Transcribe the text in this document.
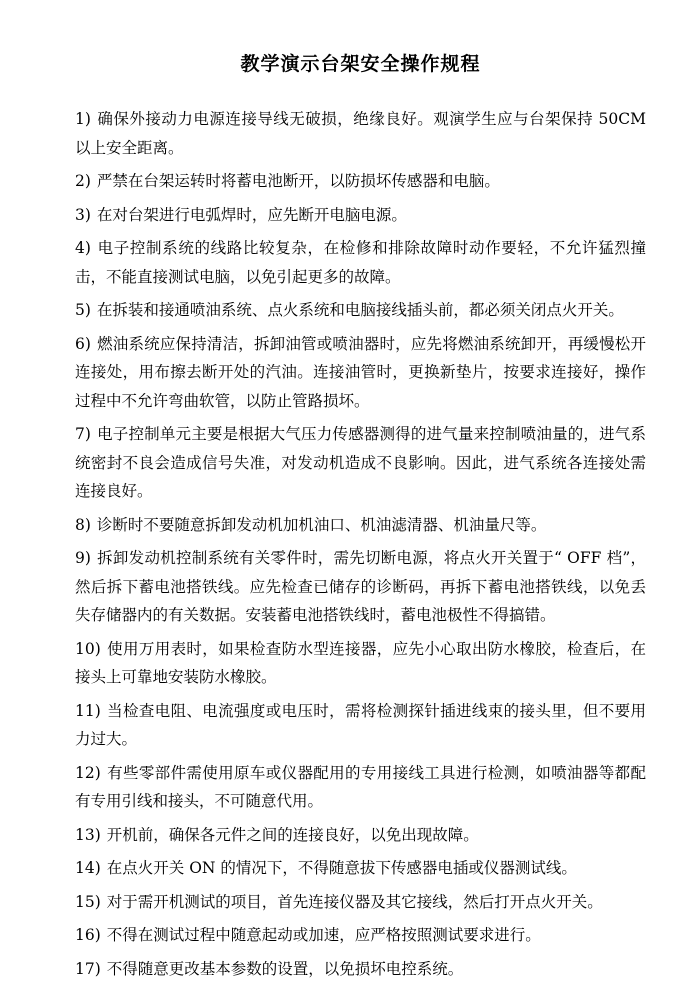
教学演示台架安全操作规程
1) 确保外接动力电源连接导线无破损，绝缘良好。观演学生应与台架保持 50CM 以上安全距离。
2) 严禁在台架运转时将蓄电池断开，以防损坏传感器和电脑。
3) 在对台架进行电弧焊时，应先断开电脑电源。
4) 电子控制系统的线路比较复杂，在检修和排除故障时动作要轻，不允许猛烈撞击，不能直接测试电脑，以免引起更多的故障。
5) 在拆装和接通喷油系统、点火系统和电脑接线插头前，都必须关闭点火开关。
6) 燃油系统应保持清洁，拆卸油管或喷油器时，应先将燃油系统卸开，再缓慢松开连接处，用布擦去断开处的汽油。连接油管时，更换新垫片，按要求连接好，操作过程中不允许弯曲软管，以防止管路损坏。
7) 电子控制单元主要是根据大气压力传感器测得的进气量来控制喷油量的，进气系统密封不良会造成信号失准，对发动机造成不良影响。因此，进气系统各连接处需连接良好。
8) 诊断时不要随意拆卸发动机加机油口、机油滤清器、机油量尺等。
9) 拆卸发动机控制系统有关零件时，需先切断电源，将点火开关置于“ OFF 档”，然后拆下蓄电池搭铁线。应先检查已储存的诊断码，再拆下蓄电池搭铁线，以免丢失存储器内的有关数据。安装蓄电池搭铁线时，蓄电池极性不得搞错。
10) 使用万用表时，如果检查防水型连接器，应先小心取出防水橡胶，检查后，在接头上可靠地安装防水橡胶。
11) 当检查电阻、电流强度或电压时，需将检测探针插进线束的接头里，但不要用力过大。
12) 有些零部件需使用原车或仪器配用的专用接线工具进行检测，如喷油器等都配有专用引线和接头，不可随意代用。
13) 开机前，确保各元件之间的连接良好，以免出现故障。
14) 在点火开关 ON 的情况下，不得随意拔下传感器电插或仪器测试线。
15) 对于需开机测试的项目，首先连接仪器及其它接线，然后打开点火开关。
16) 不得在测试过程中随意起动或加速，应严格按照测试要求进行。
17) 不得随意更改基本参数的设置，以免损坏电控系统。
